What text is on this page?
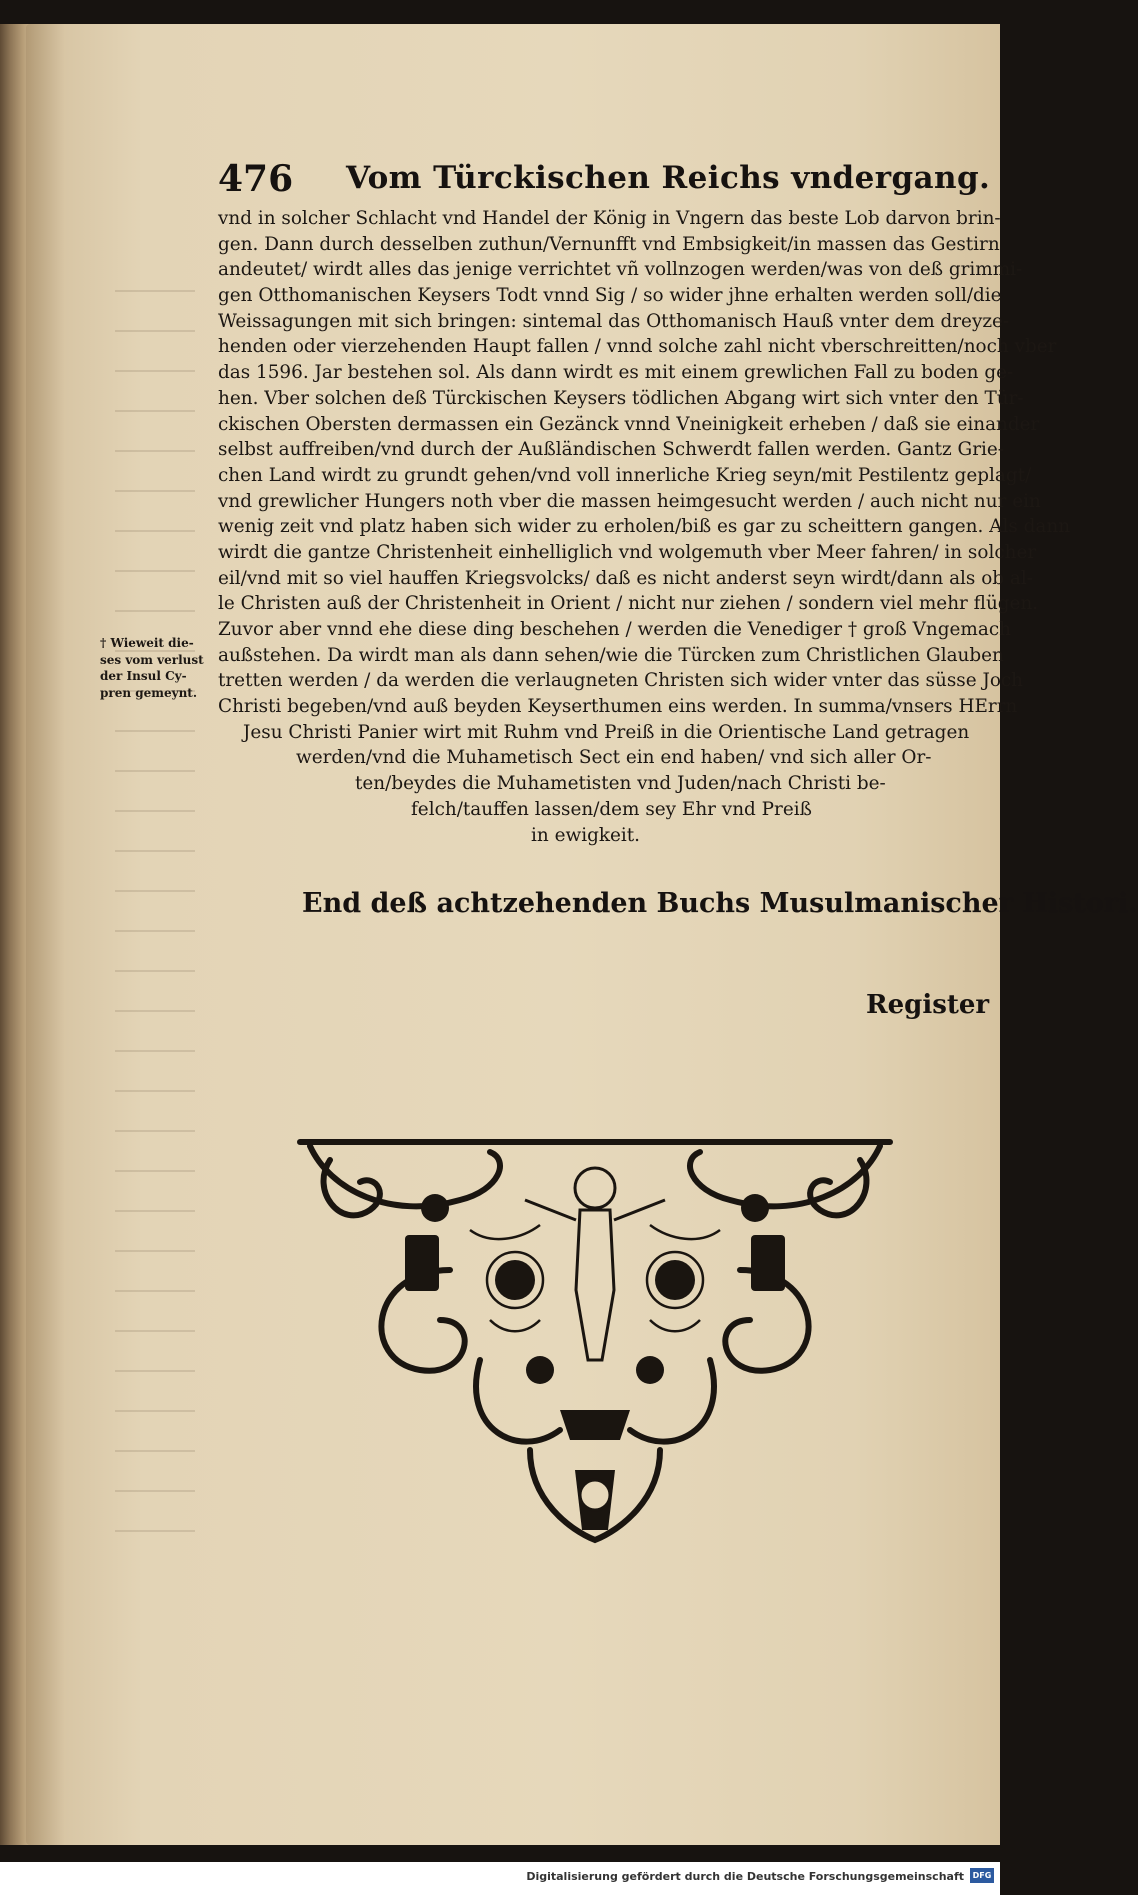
476 Vom Türckischen Reichs vndergang.
† Wieweit die-
ses vom verlust
der Insul Cy-
pren gemeynt.
vnd in solcher Schlacht vnd Handel der König in Vngern das beste Lob darvon brin-
gen. Dann durch desselben zuthun/Vernunfft vnd Embsigkeit/in massen das Gestirn
andeutet/ wirdt alles das jenige verrichtet vñ vollnzogen werden/was von deß grimmi-
gen Otthomanischen Keysers Todt vnnd Sig / so wider jhne erhalten werden soll/die
Weissagungen mit sich bringen: sintemal das Otthomanisch Hauß vnter dem dreyze-
henden oder vierzehenden Haupt fallen / vnnd solche zahl nicht vberschreitten/noch vber
das 1596. Jar bestehen sol. Als dann wirdt es mit einem grewlichen Fall zu boden ge-
hen. Vber solchen deß Türckischen Keysers tödlichen Abgang wirt sich vnter den Tür-
ckischen Obersten dermassen ein Gezänck vnnd Vneinigkeit erheben / daß sie einander
selbst auffreiben/vnd durch der Außländischen Schwerdt fallen werden. Gantz Grie-
chen Land wirdt zu grundt gehen/vnd voll innerliche Krieg seyn/mit Pestilentz geplagt/
vnd grewlicher Hungers noth vber die massen heimgesucht werden / auch nicht nur ein
wenig zeit vnd platz haben sich wider zu erholen/biß es gar zu scheittern gangen. Als dann
wirdt die gantze Christenheit einhelliglich vnd wolgemuth vber Meer fahren/ in solcher
eil/vnd mit so viel hauffen Kriegsvolcks/ daß es nicht anderst seyn wirdt/dann als ob al-
le Christen auß der Christenheit in Orient / nicht nur ziehen / sondern viel mehr flügen.
Zuvor aber vnnd ehe diese ding beschehen / werden die Venediger † groß Vngemach
außstehen. Da wirdt man als dann sehen/wie die Türcken zum Christlichen Glauben
tretten werden / da werden die verlaugneten Christen sich wider vnter das süsse Joch
Christi begeben/vnd auß beyden Keyserthumen eins werden. In summa/vnsers HErrn
Jesu Christi Panier wirt mit Ruhm vnd Preiß in die Orientische Land getragen
werden/vnd die Muhametisch Sect ein end haben/ vnd sich aller Or-
ten/beydes die Muhametisten vnd Juden/nach Christi be-
felch/tauffen lassen/dem sey Ehr vnd Preiß
in ewigkeit.
End deß achtzehenden Buchs Musulmanischer Histori.
Register
Digitalisierung gefördert durch die Deutsche Forschungsgemeinschaft	DFG
